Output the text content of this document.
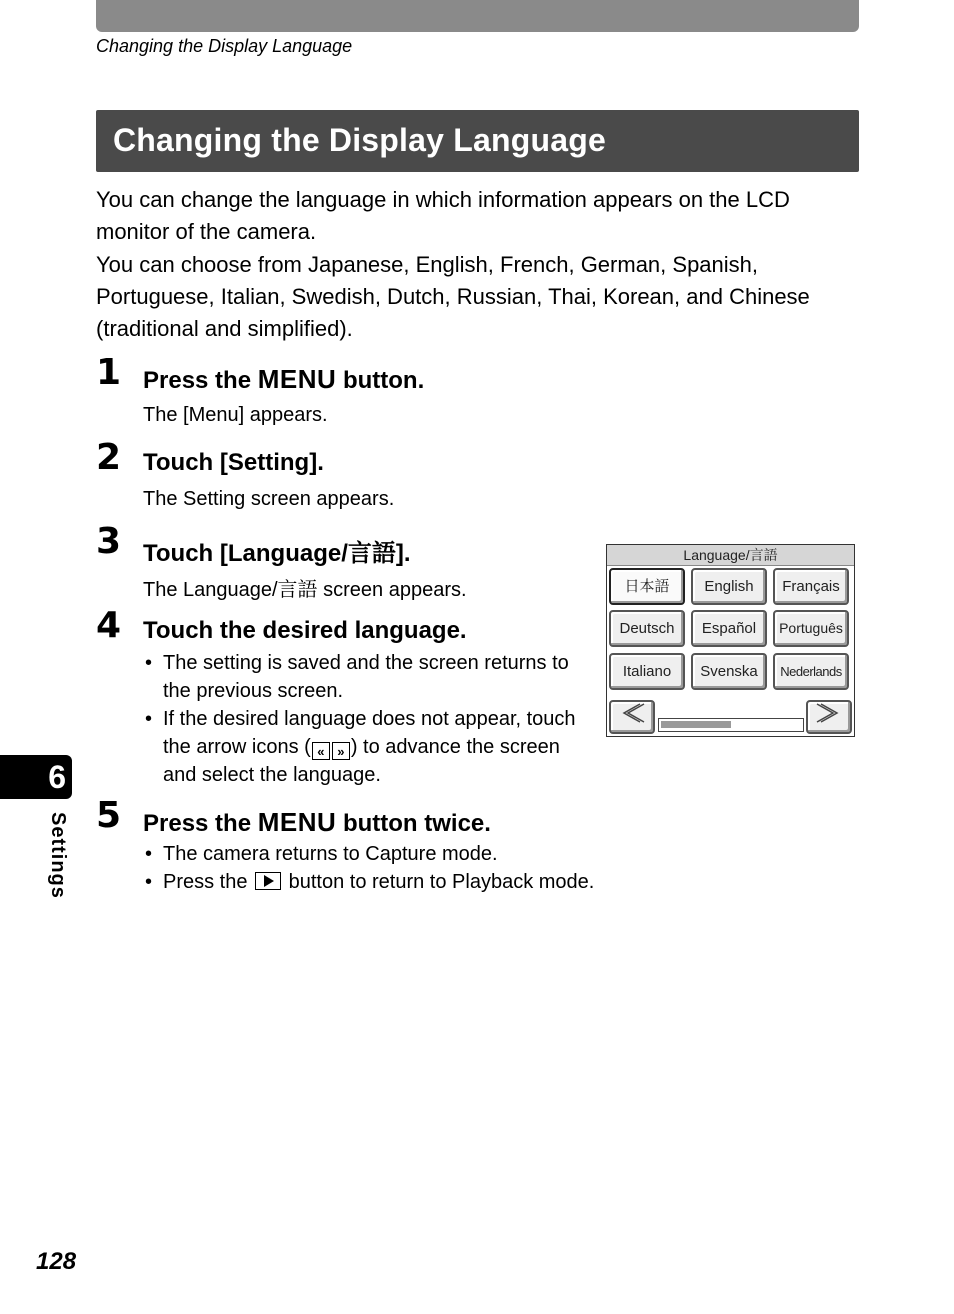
Changing the Display Language
Changing the Display Language

You can change the language in which information appears on the LCD monitor of the camera.

You can choose from Japanese, English, French, German, Spanish, Portuguese, Italian, Swedish, Dutch, Russian, Thai, Korean, and Chinese (traditional and simplified).

1 Press the MENU button.
The [Menu] appears.
2 Touch [Setting].
The Setting screen appears.
3 Touch [Language/言語].
The Language/言語 screen appears.
4 Touch the desired language.
• The setting is saved and the screen returns to the previous screen.
• If the desired language does not appear, touch the arrow icons ( « » ) to advance the screen and select the language.
5 Press the MENU button twice.
• The camera returns to Capture mode.
• Press the  button to return to Playback mode.
Language/言語
日本語	English	Français
Deutsch	Español	Português
Italiano	Svenska	Nederlands
6
Settings
128
